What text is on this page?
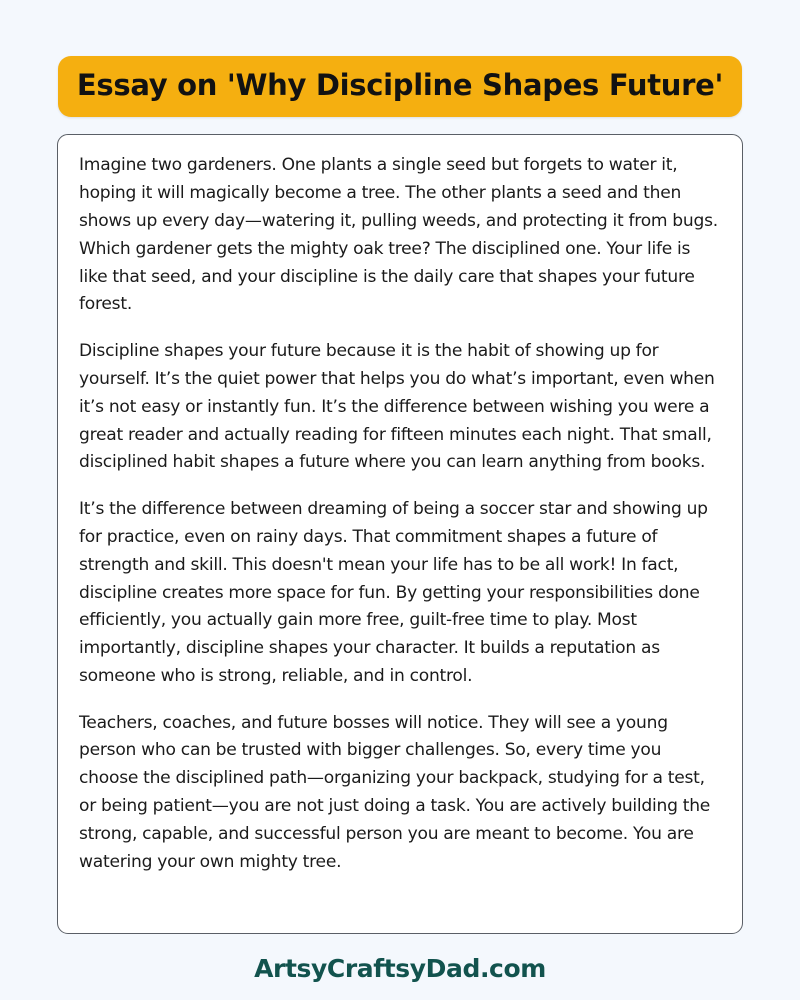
Essay on 'Why Discipline Shapes Future'

Imagine two gardeners. One plants a single seed but forgets to water it, hoping it will magically become a tree. The other plants a seed and then shows up every day—watering it, pulling weeds, and protecting it from bugs. Which gardener gets the mighty oak tree? The disciplined one. Your life is like that seed, and your discipline is the daily care that shapes your future forest.

Discipline shapes your future because it is the habit of showing up for yourself. It’s the quiet power that helps you do what’s important, even when it’s not easy or instantly fun. It’s the difference between wishing you were a great reader and actually reading for fifteen minutes each night. That small, disciplined habit shapes a future where you can learn anything from books.

It’s the difference between dreaming of being a soccer star and showing up for practice, even on rainy days. That commitment shapes a future of strength and skill. This doesn't mean your life has to be all work! In fact, discipline creates more space for fun. By getting your responsibilities done efficiently, you actually gain more free, guilt-free time to play. Most importantly, discipline shapes your character. It builds a reputation as someone who is strong, reliable, and in control.

Teachers, coaches, and future bosses will notice. They will see a young person who can be trusted with bigger challenges. So, every time you choose the disciplined path—organizing your backpack, studying for a test, or being patient—you are not just doing a task. You are actively building the strong, capable, and successful person you are meant to become. You are watering your own mighty tree.

ArtsyCraftsyDad.com
